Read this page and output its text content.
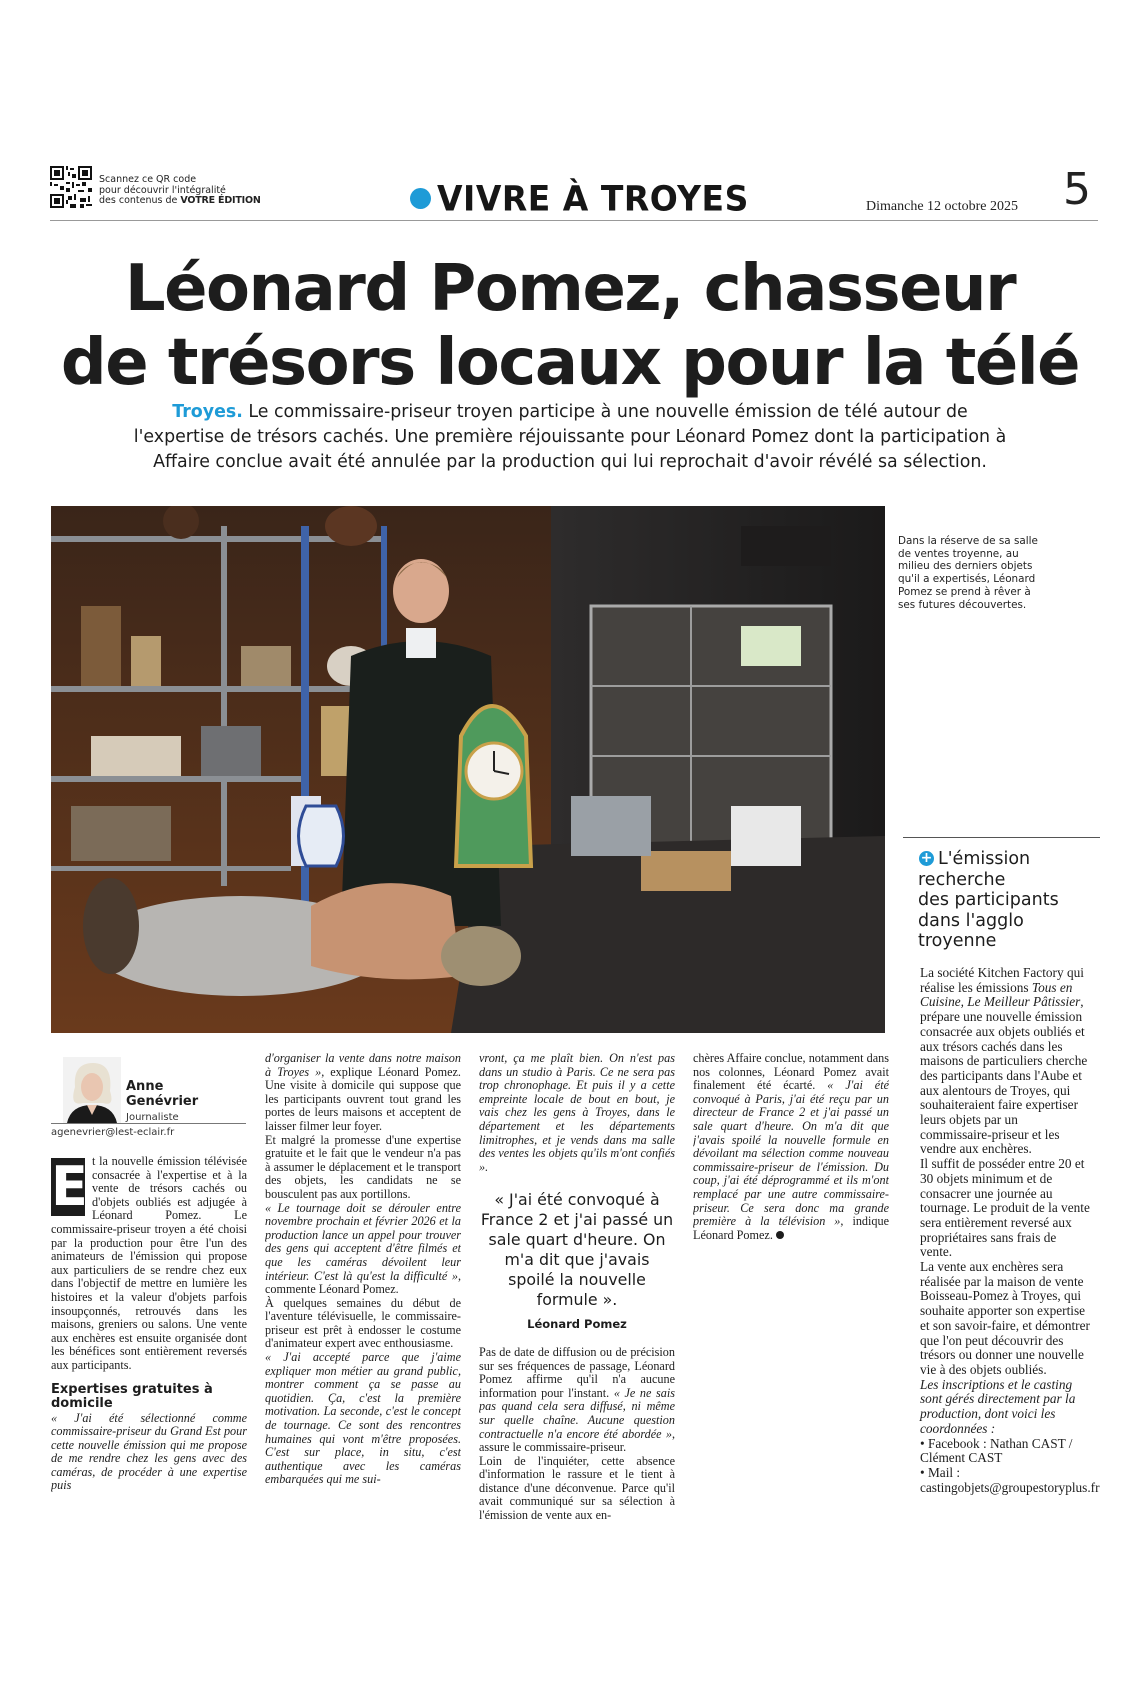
Scannez ce QR code
pour découvrir l'intégralité
des contenus de VOTRE ÉDITION	VIVRE À TROYES	Dimanche 12 octobre 2025 5
Léonard Pomez, chasseur
de trésors locaux pour la télé
Troyes. Le commissaire-priseur troyen participe à une nouvelle émission de télé autour de l'expertise de trésors cachés. Une première réjouissante pour Léonard Pomez dont la participation à Affaire conclue avait été annulée par la production qui lui reprochait d'avoir révélé sa sélection.
Dans la réserve de sa salle de ventes troyenne, au milieu des derniers objets qu'il a expertisés, Léonard Pomez se prend à rêver à ses futures découvertes.
+ L'émission
recherche
des participants
dans l'agglo
troyenne

La société Kitchen Factory qui réalise les émissions Tous en Cuisine, Le Meilleur Pâtissier, prépare une nouvelle émission consacrée aux objets oubliés et aux trésors cachés dans les maisons de particuliers cherche des participants dans l'Aube et aux alentours de Troyes, qui souhaiteraient faire expertiser leurs objets par un commissaire-priseur et les vendre aux enchères.

Il suffit de posséder entre 20 et 30 objets minimum et de consacrer une journée au tournage. Le produit de la vente sera entièrement reversé aux propriétaires sans frais de vente.

La vente aux enchères sera réalisée par la maison de vente Boisseau-Pomez à Troyes, qui souhaite apporter son expertise et son savoir-faire, et démontrer que l'on peut découvrir des trésors ou donner une nouvelle vie à des objets oubliés.

Les inscriptions et le casting sont gérés directement par la production, dont voici les coordonnées :

• Facebook : Nathan CAST / Clément CAST

• Mail : castingobjets@groupestoryplus.fr

Anne
Genévrier
Journaliste
agenevrier@lest-eclair.fr
E t la nouvelle émission télévisée consacrée à l'expertise et à la vente de trésors cachés ou d'objets oubliés est adjugée à Léonard Pomez. Le commissaire-priseur troyen a été choisi par la production pour être l'un des animateurs de l'émission qui propose aux particuliers de se rendre chez eux dans l'objectif de mettre en lumière les histoires et la valeur d'objets parfois insoupçonnés, retrouvés dans les maisons, greniers ou salons. Une vente aux enchères est ensuite organisée dont les bénéfices sont entièrement reversés aux participants.

Expertises gratuites à domicile

« J'ai été sélectionné comme commissaire-priseur du Grand Est pour cette nouvelle émission qui me propose de me rendre chez les gens avec des caméras, de procéder à une expertise puis

d'organiser la vente dans notre maison à Troyes », explique Léonard Pomez. Une visite à domicile qui suppose que les participants ouvrent tout grand les portes de leurs maisons et acceptent de laisser filmer leur foyer.

Et malgré la promesse d'une expertise gratuite et le fait que le vendeur n'a pas à assumer le déplacement et le transport des objets, les candidats ne se bousculent pas aux portillons.

« Le tournage doit se dérouler entre novembre prochain et février 2026 et la production lance un appel pour trouver des gens qui acceptent d'être filmés et que les caméras dévoilent leur intérieur. C'est là qu'est la difficulté », commente Léonard Pomez.

À quelques semaines du début de l'aventure télévisuelle, le commissaire-priseur est prêt à endosser le costume d'animateur expert avec enthousiasme.

« J'ai accepté parce que j'aime expliquer mon métier au grand public, montrer comment ça se passe au quotidien. Ça, c'est la première motivation. La seconde, c'est le concept de tournage. Ce sont des rencontres humaines qui vont m'être proposées. C'est sur place, in situ, c'est authentique avec les caméras embarquées qui me sui-

vront, ça me plaît bien. On n'est pas dans un studio à Paris. Ce ne sera pas trop chronophage. Et puis il y a cette empreinte locale de bout en bout, je vais chez les gens à Troyes, dans le département et les départements limitrophes, et je vends dans ma salle des ventes les objets qu'ils m'ont confiés ».

« J'ai été convoqué à France 2 et j'ai passé un sale quart d'heure. On m'a dit que j'avais spoilé la nouvelle formule ».
Léonard Pomez

Pas de date de diffusion ou de précision sur ses fréquences de passage, Léonard Pomez affirme qu'il n'a aucune information pour l'instant. « Je ne sais pas quand cela sera diffusé, ni même sur quelle chaîne. Aucune question contractuelle n'a encore été abordée », assure le commissaire-priseur.

Loin de l'inquiéter, cette absence d'information le rassure et le tient à distance d'une déconvenue. Parce qu'il avait communiqué sur sa sélection à l'émission de vente aux en-

chères Affaire conclue, notamment dans nos colonnes, Léonard Pomez avait finalement été écarté. « J'ai été convoqué à Paris, j'ai été reçu par un directeur de France 2 et j'ai passé un sale quart d'heure. On m'a dit que j'avais spoilé la nouvelle formule en dévoilant ma sélection comme nouveau commissaire-priseur de l'émission. Du coup, j'ai été déprogrammé et ils m'ont remplacé par une autre commissaire-priseur. Ce sera donc ma grande première à la télévision », indique Léonard Pomez.
